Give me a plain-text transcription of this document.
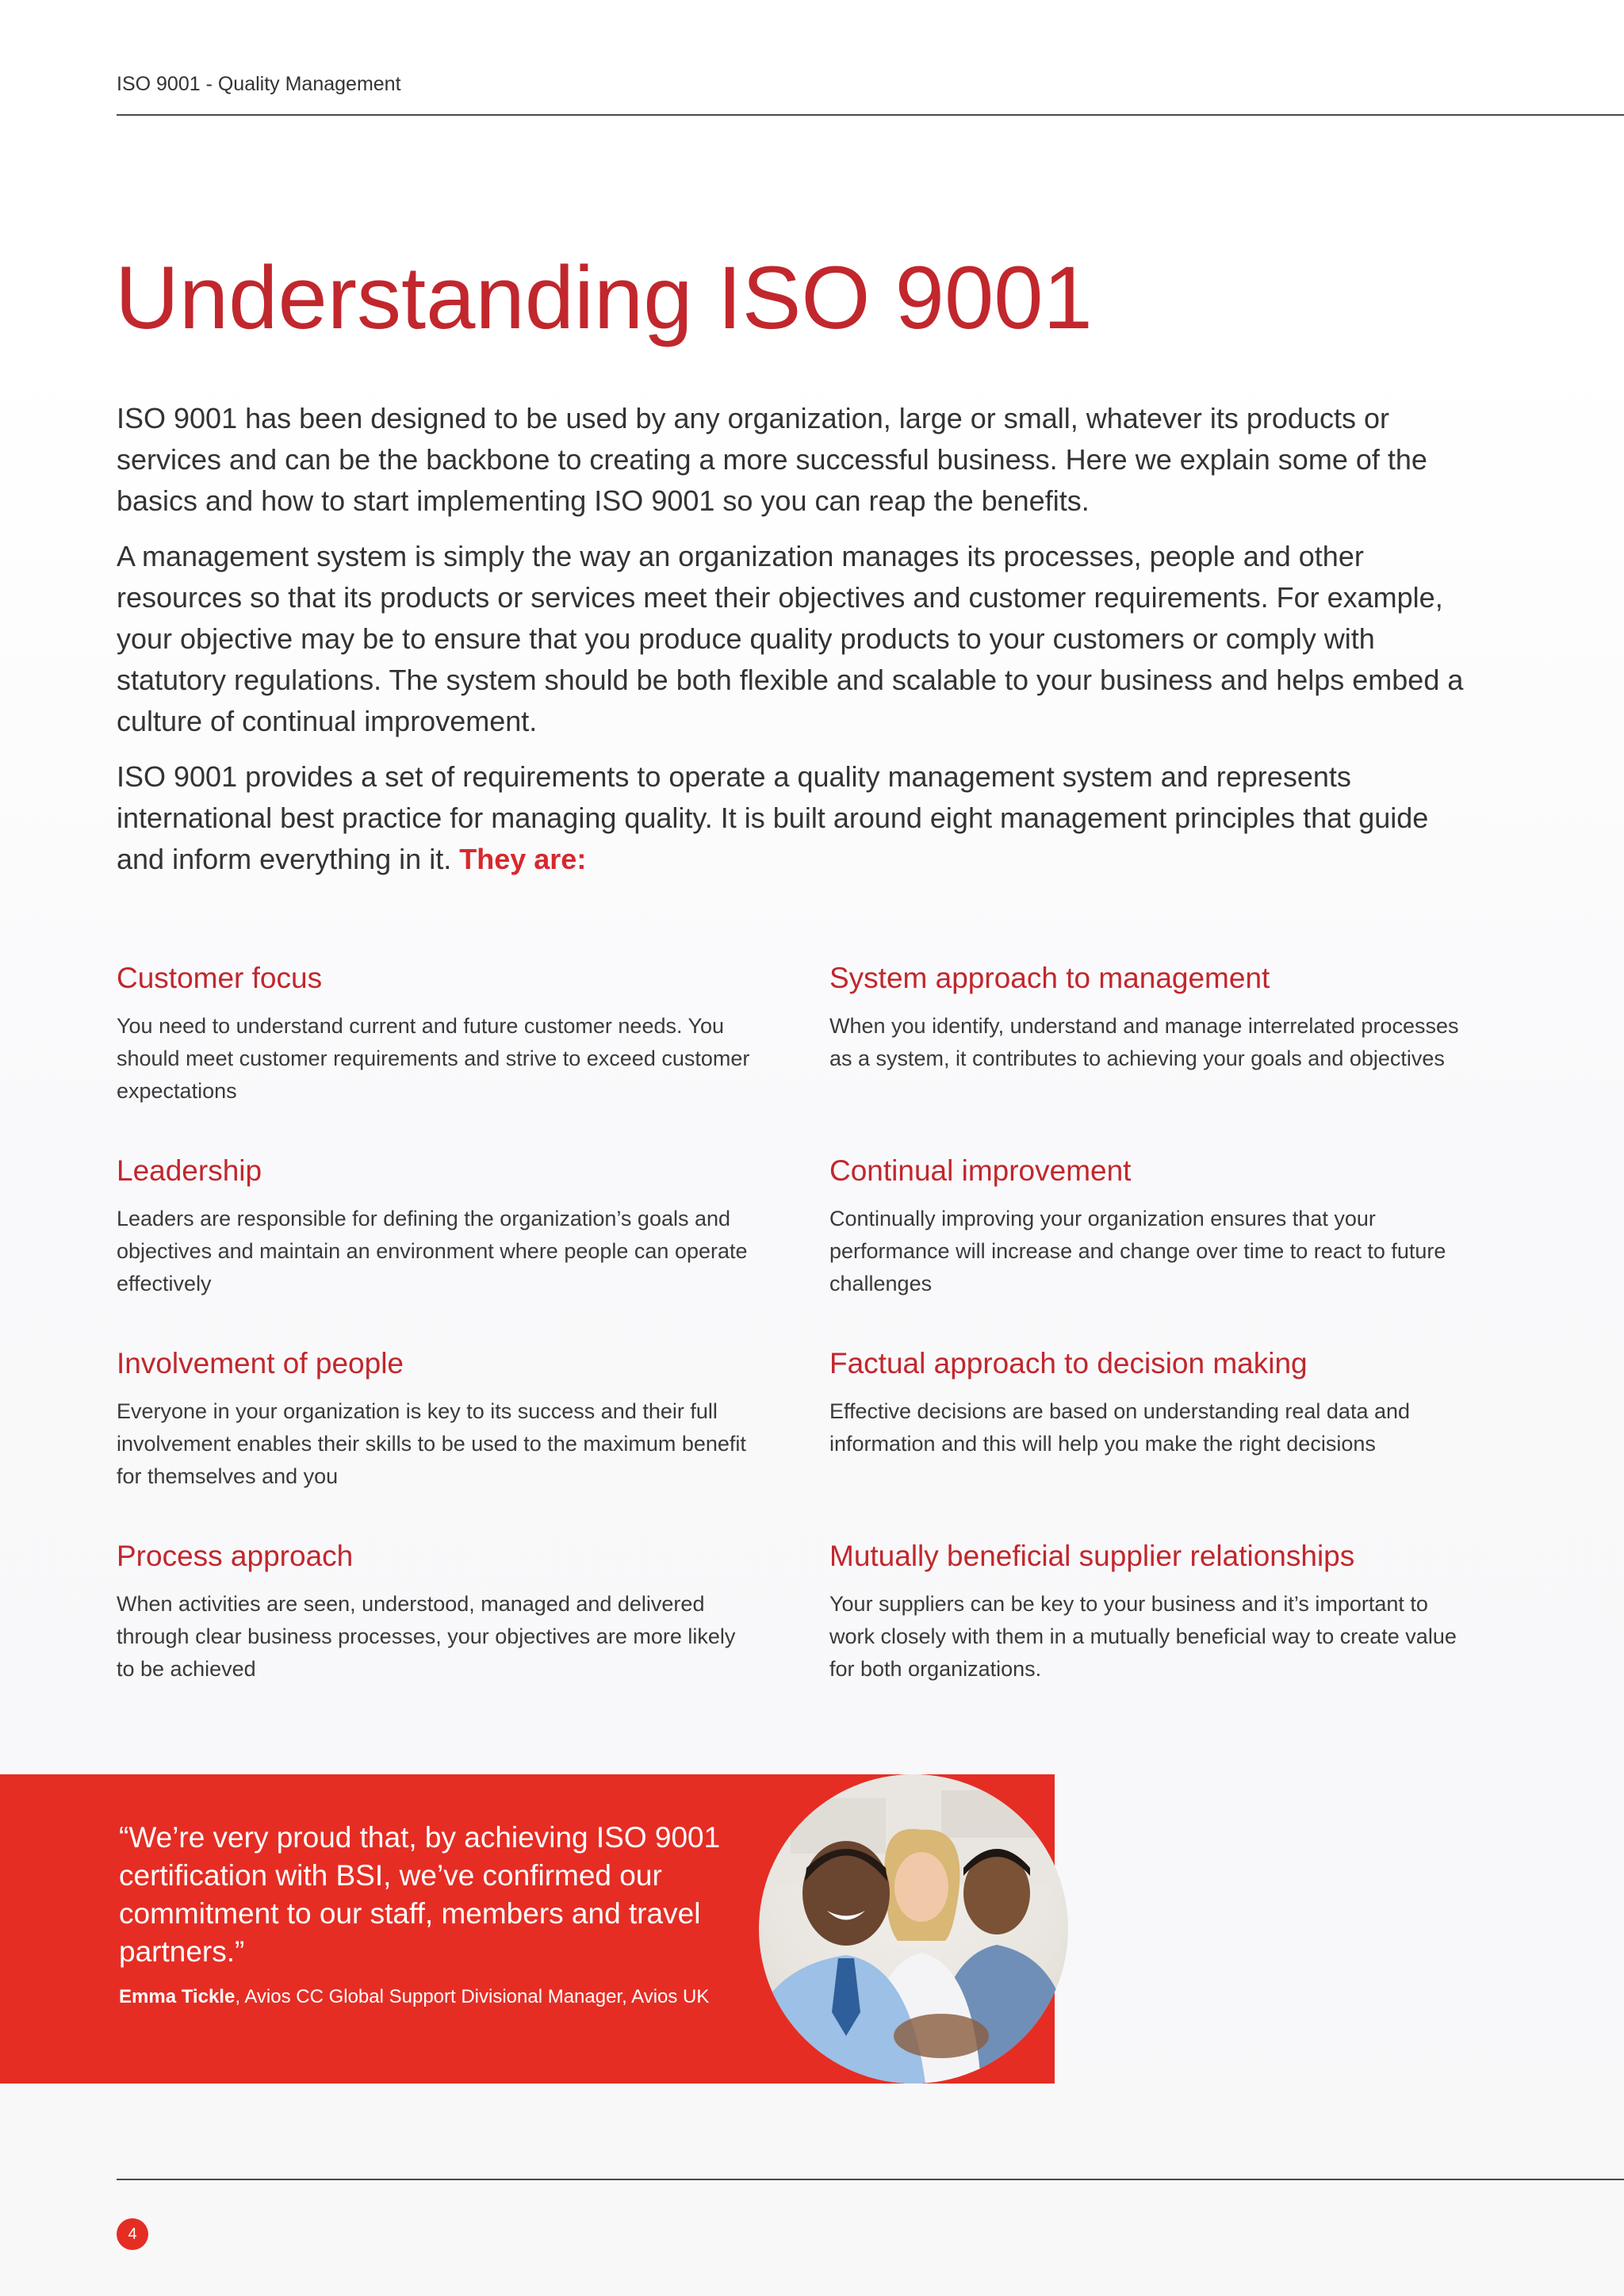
ISO 9001 - Quality Management
Understanding ISO 9001

ISO 9001 has been designed to be used by any organization, large or small, whatever its products or services and can be the backbone to creating a more successful business. Here we explain some of the basics and how to start implementing ISO 9001 so you can reap the benefits.

A management system is simply the way an organization manages its processes, people and other resources so that its products or services meet their objectives and customer requirements. For example, your objective may be to ensure that you produce quality products to your customers or comply with statutory regulations. The system should be both flexible and scalable to your business and helps embed a culture of continual improvement.

ISO 9001 provides a set of requirements to operate a quality management system and represents international best practice for managing quality. It is built around eight management principles that guide and inform everything in it. They are:

Customer focus

You need to understand current and future customer needs. You should meet customer requirements and strive to exceed customer expectations

System approach to management

When you identify, understand and manage interrelated processes as a system, it contributes to achieving your goals and objectives

Leadership

Leaders are responsible for defining the organization’s goals and objectives and maintain an environment where people can operate effectively

Continual improvement

Continually improving your organization ensures that your performance will increase and change over time to react to future challenges

Involvement of people

Everyone in your organization is key to its success and their full involvement enables their skills to be used to the maximum benefit for themselves and you

Factual approach to decision making

Effective decisions are based on understanding real data and information and this will help you make the right decisions

Process approach

When activities are seen, understood, managed and delivered through clear business processes, your objectives are more likely to be achieved

Mutually beneficial supplier relationships

Your suppliers can be key to your business and it’s important to work closely with them in a mutually beneficial way to create value for both organizations.

“We’re very proud that, by achieving ISO 9001 certification with BSI, we’ve confirmed our commitment to our staff, members and travel partners.”

Emma Tickle, Avios CC Global Support Divisional Manager, Avios UK
4
